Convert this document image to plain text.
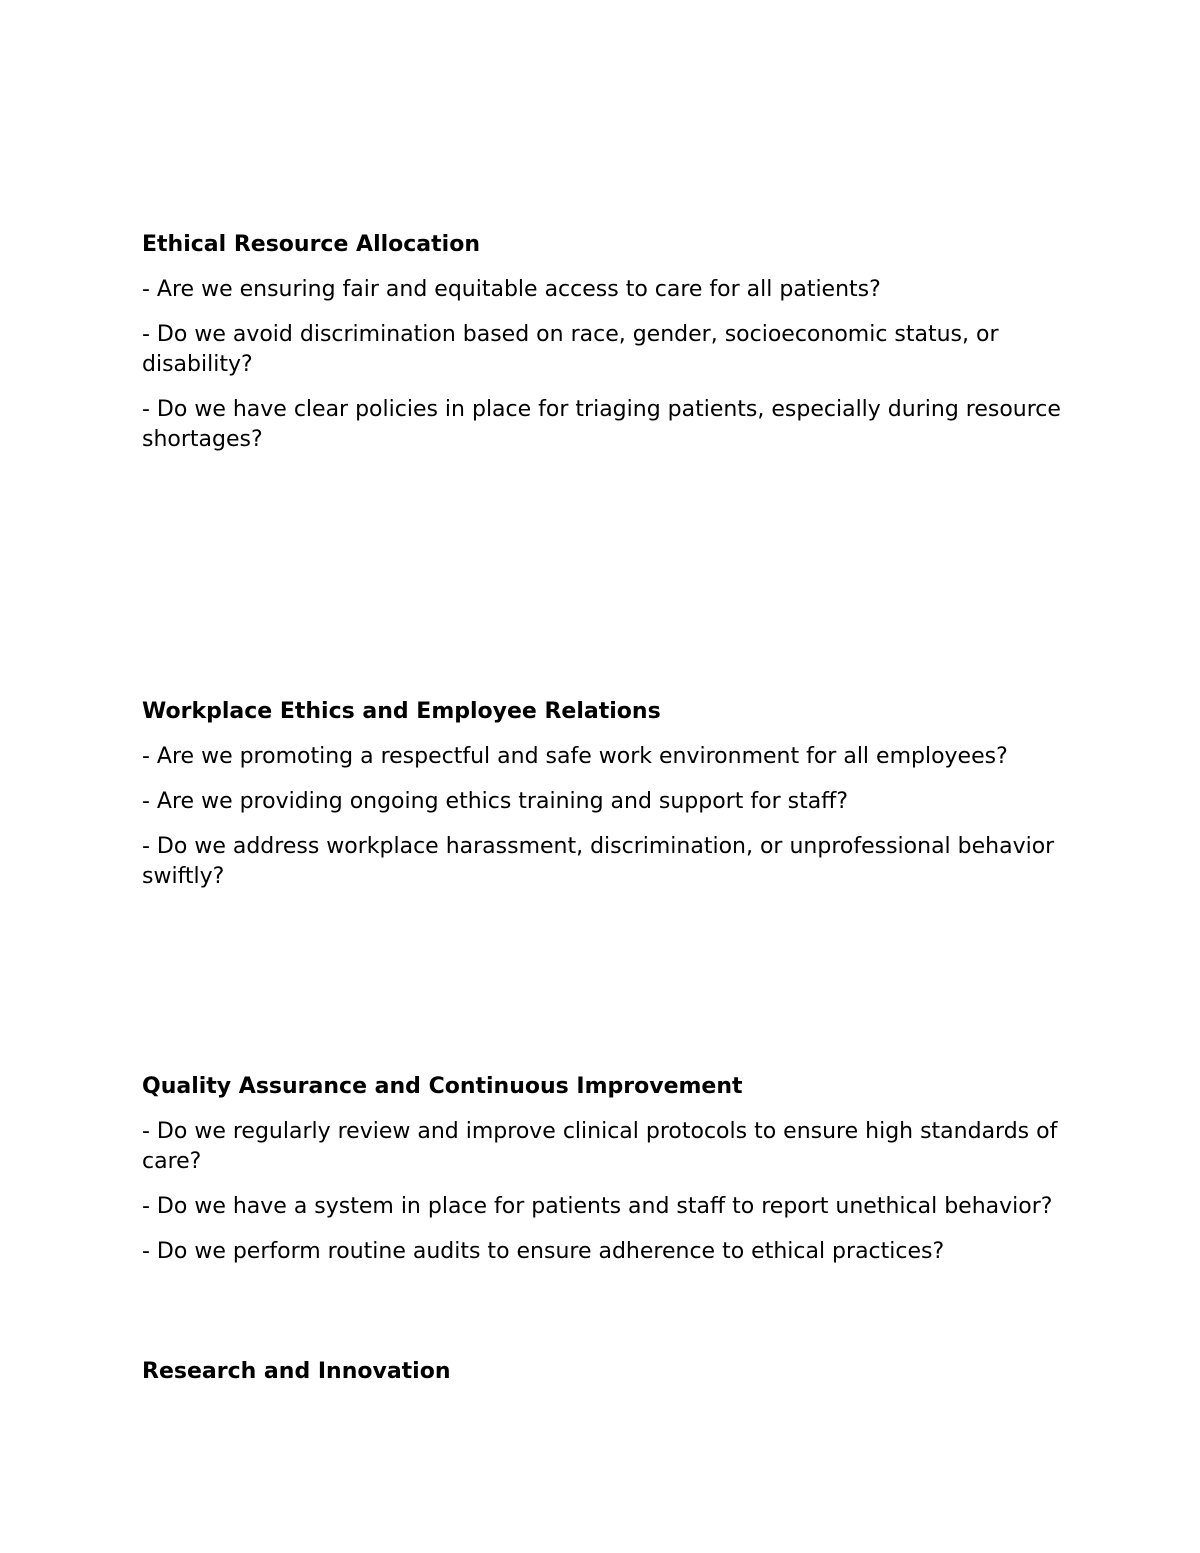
Ethical Resource Allocation

- Are we ensuring fair and equitable access to care for all patients?

- Do we avoid discrimination based on race, gender, socioeconomic status, or disability?

- Do we have clear policies in place for triaging patients, especially during resource shortages?

Workplace Ethics and Employee Relations

- Are we promoting a respectful and safe work environment for all employees?

- Are we providing ongoing ethics training and support for staff?

- Do we address workplace harassment, discrimination, or unprofessional behavior swiftly?

Quality Assurance and Continuous Improvement

- Do we regularly review and improve clinical protocols to ensure high standards of care?

- Do we have a system in place for patients and staff to report unethical behavior?

- Do we perform routine audits to ensure adherence to ethical practices?

Research and Innovation
